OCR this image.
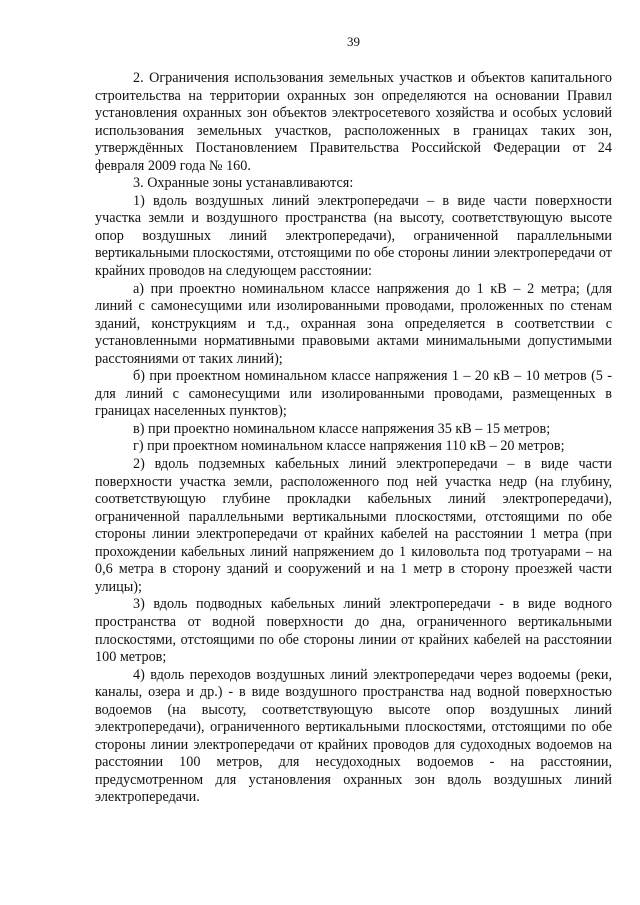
39

2. Ограничения использования земельных участков и объектов капитального строительства на территории охранных зон определяются на основании Правил установления охранных зон объектов электросетевого хозяйства и особых условий использования земельных участков, расположенных в границах таких зон, утверждённых Постановлением Правительства Российской Федерации от 24 февраля 2009 года № 160.

3. Охранные зоны устанавливаются:

1) вдоль воздушных линий электропередачи – в виде части поверхности участка земли и воздушного пространства (на высоту, соответствующую высоте опор воздушных линий электропередачи), ограниченной параллельными вертикальными плоскостями, отстоящими по обе стороны линии электропередачи от крайних проводов на следующем расстоянии:

а) при проектно номинальном классе напряжения до 1 кВ – 2 метра; (для линий с самонесущими или изолированными проводами, проложенных по стенам зданий, конструкциям и т.д., охранная зона определяется в соответствии с установленными нормативными правовыми актами минимальными допустимыми расстояниями от таких линий);

б) при проектном номинальном классе напряжения 1 – 20 кВ – 10 метров (5 - для линий с самонесущими или изолированными проводами, размещенных в границах населенных пунктов);

в) при проектно номинальном классе напряжения 35 кВ – 15 метров;

г) при проектном номинальном классе напряжения 110 кВ – 20 метров;

2) вдоль подземных кабельных линий электропередачи – в виде части поверхности участка земли, расположенного под ней участка недр (на глубину, соответствующую глубине прокладки кабельных линий электропередачи), ограниченной параллельными вертикальными плоскостями, отстоящими по обе стороны линии электропередачи от крайних кабелей на расстоянии 1 метра (при прохождении кабельных линий напряжением до 1 киловольта под тротуарами – на 0,6 метра в сторону зданий и сооружений и на 1 метр в сторону проезжей части улицы);

3) вдоль подводных кабельных линий электропередачи - в виде водного пространства от водной поверхности до дна, ограниченного вертикальными плоскостями, отстоящими по обе стороны линии от крайних кабелей на расстоянии 100 метров;

4) вдоль переходов воздушных линий электропередачи через водоемы (реки, каналы, озера и др.) - в виде воздушного пространства над водной поверхностью водоемов (на высоту, соответствующую высоте опор воздушных линий электропередачи), ограниченного вертикальными плоскостями, отстоящими по обе стороны линии электропередачи от крайних проводов для судоходных водоемов на расстоянии 100 метров, для несудоходных водоемов - на расстоянии, предусмотренном для установления охранных зон вдоль воздушных линий электропередачи.
